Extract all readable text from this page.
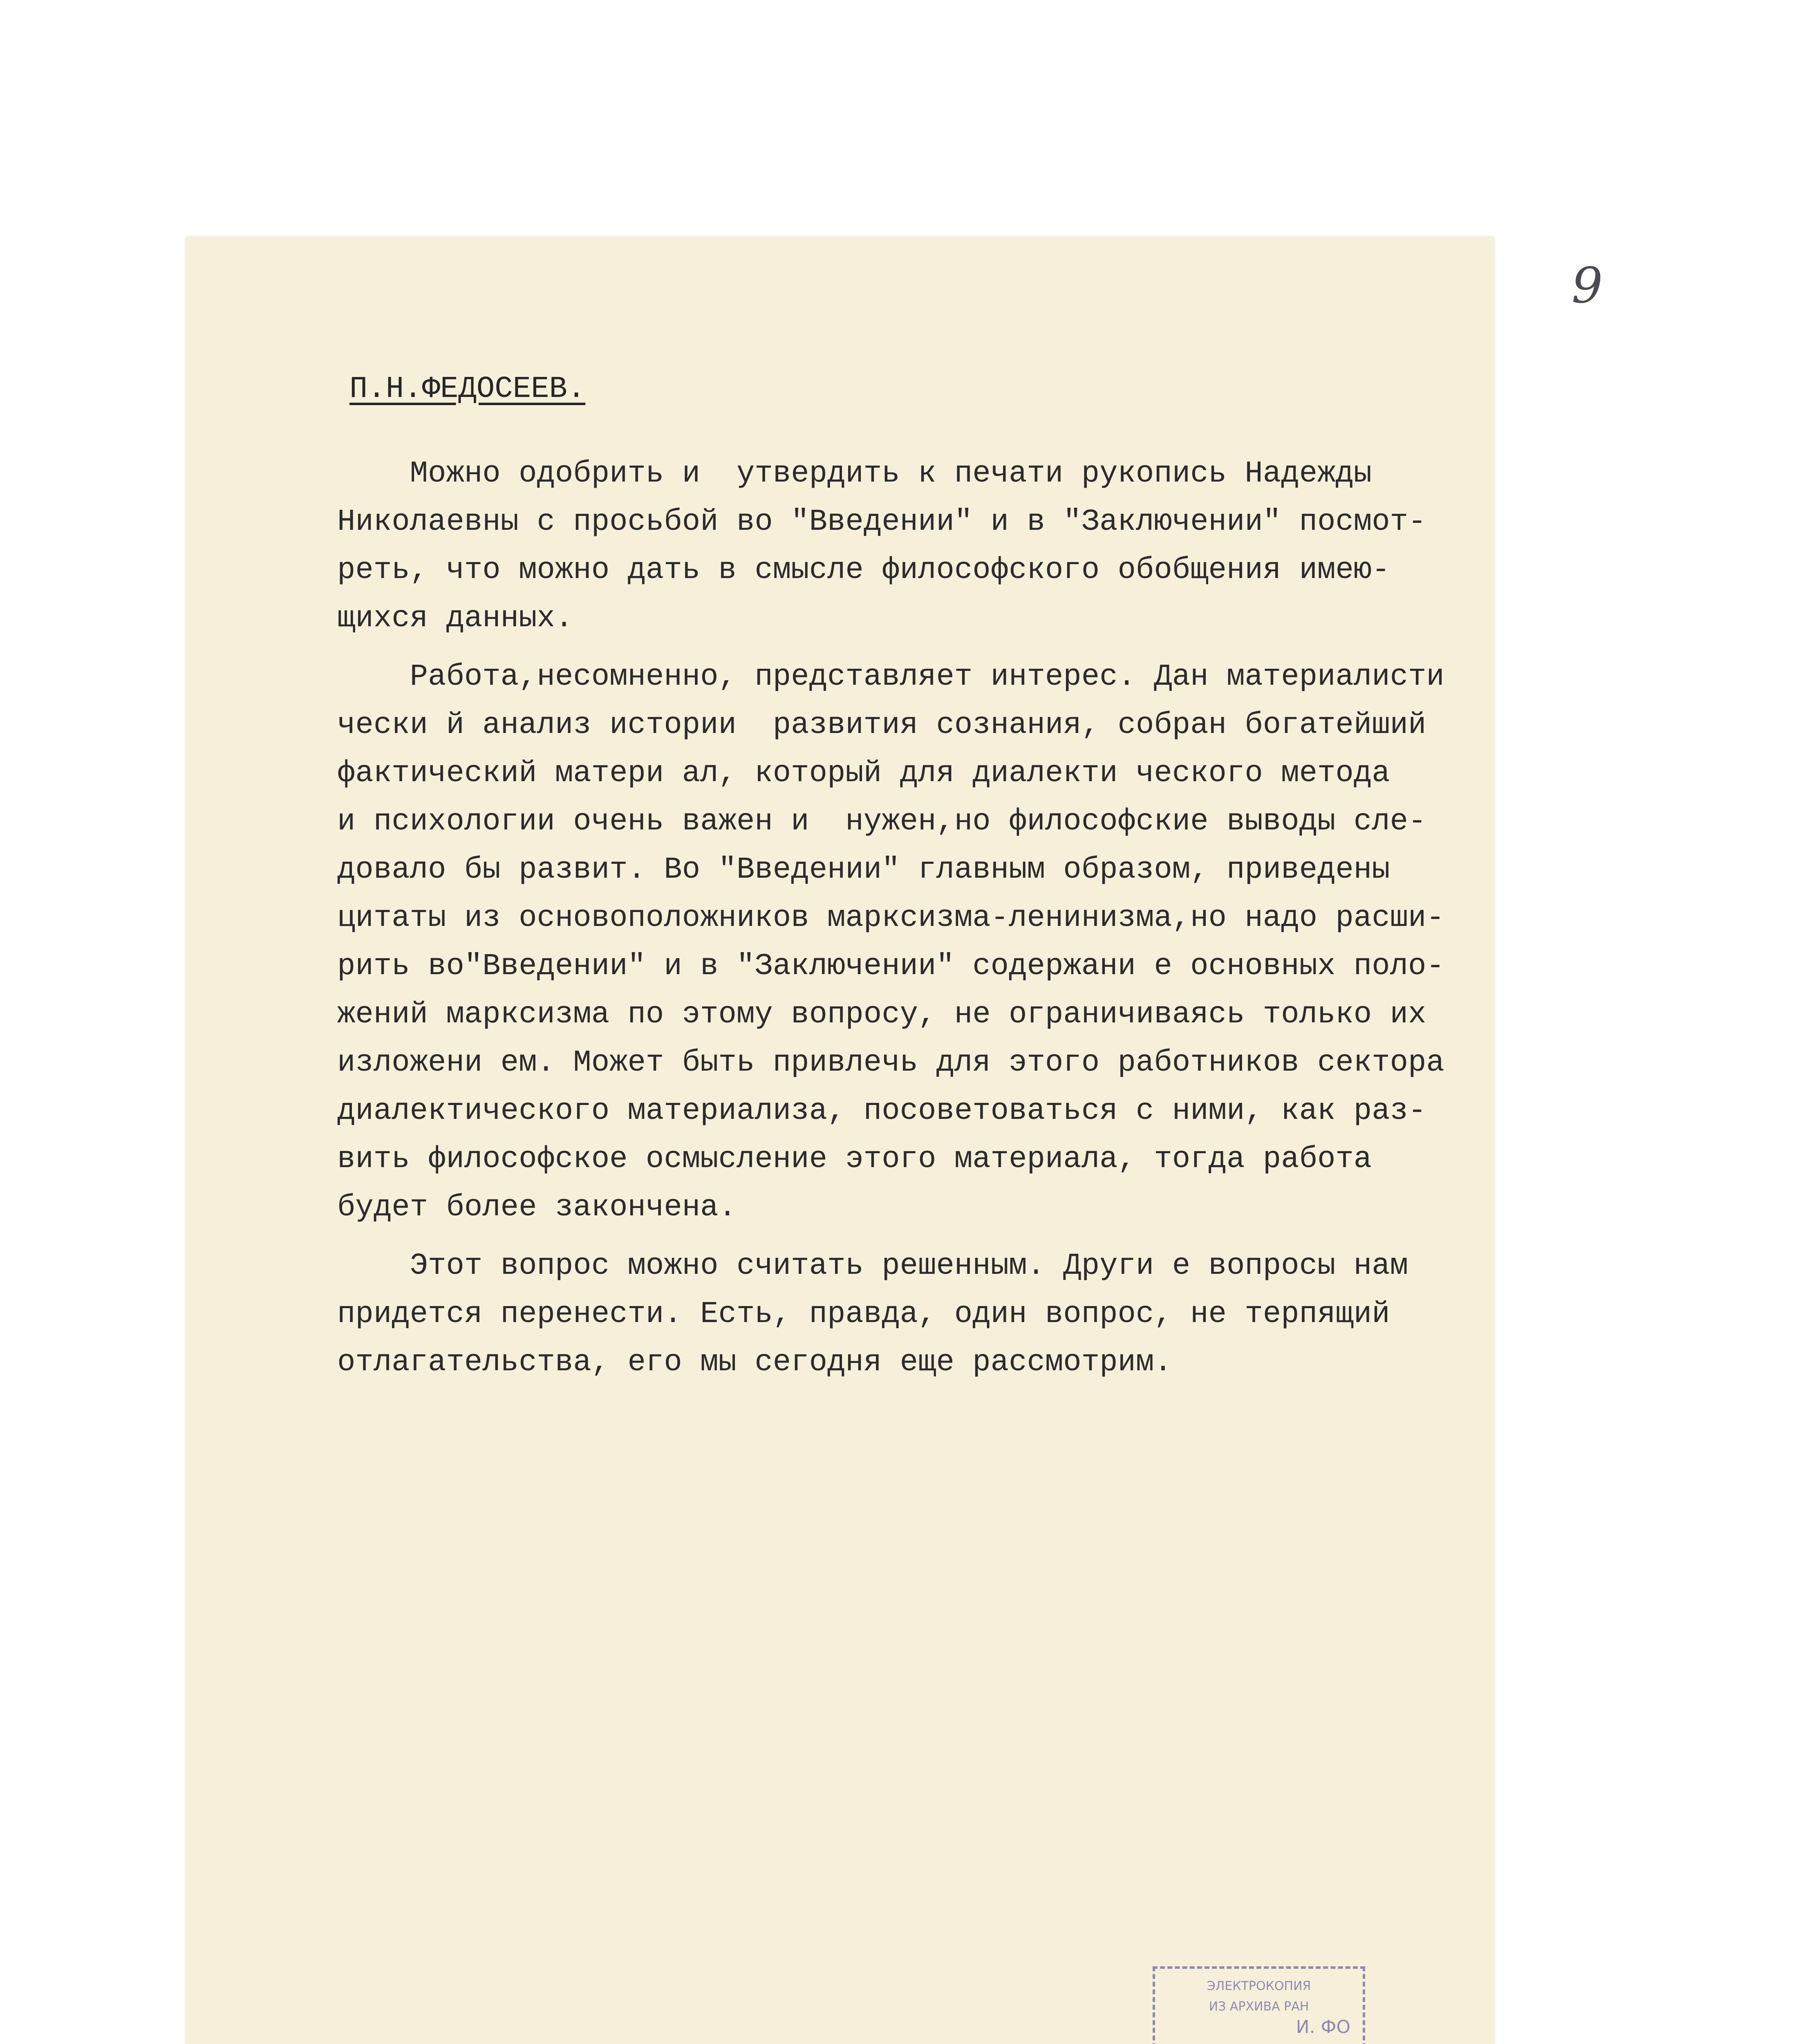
9
П.Н.ФЕДОСЕЕВ.

Можно одобрить и  утвердить к печати рукопись Надежды
Николаевны с просьбой во "Введении" и в "Заключении" посмот-
реть, что можно дать в смысле философского обобщения имею-
щихся данных.

Работа,несомненно, представляет интерес. Дан материалисти
чески й анализ истории  развития сознания, собран богатейший
фактический матери ал, который для диалекти ческого метода
и психологии очень важен и  нужен,но философские выводы сле-
довало бы развит. Во "Введении" главным образом, приведены
цитаты из основоположников марксизма-ленинизма,но надо расши-
рить во"Введении" и в "Заключении" содержани е основных поло-
жений марксизма по этому вопросу, не ограничиваясь только их
изложени ем. Может быть привлечь для этого работников сектора
диалектического материализа, посоветоваться с ними, как раз-
вить философское осмысление этого материала, тогда работа
будет более закончена.

Этот вопрос можно считать решенным. Други е вопросы нам
придется перенести. Есть, правда, один вопрос, не терпящий
отлагательства, его мы сегодня еще рассмотрим.

ЭЛЕКТРОКОПИЯ
ИЗ АРХИВА РАН
И. ФО
